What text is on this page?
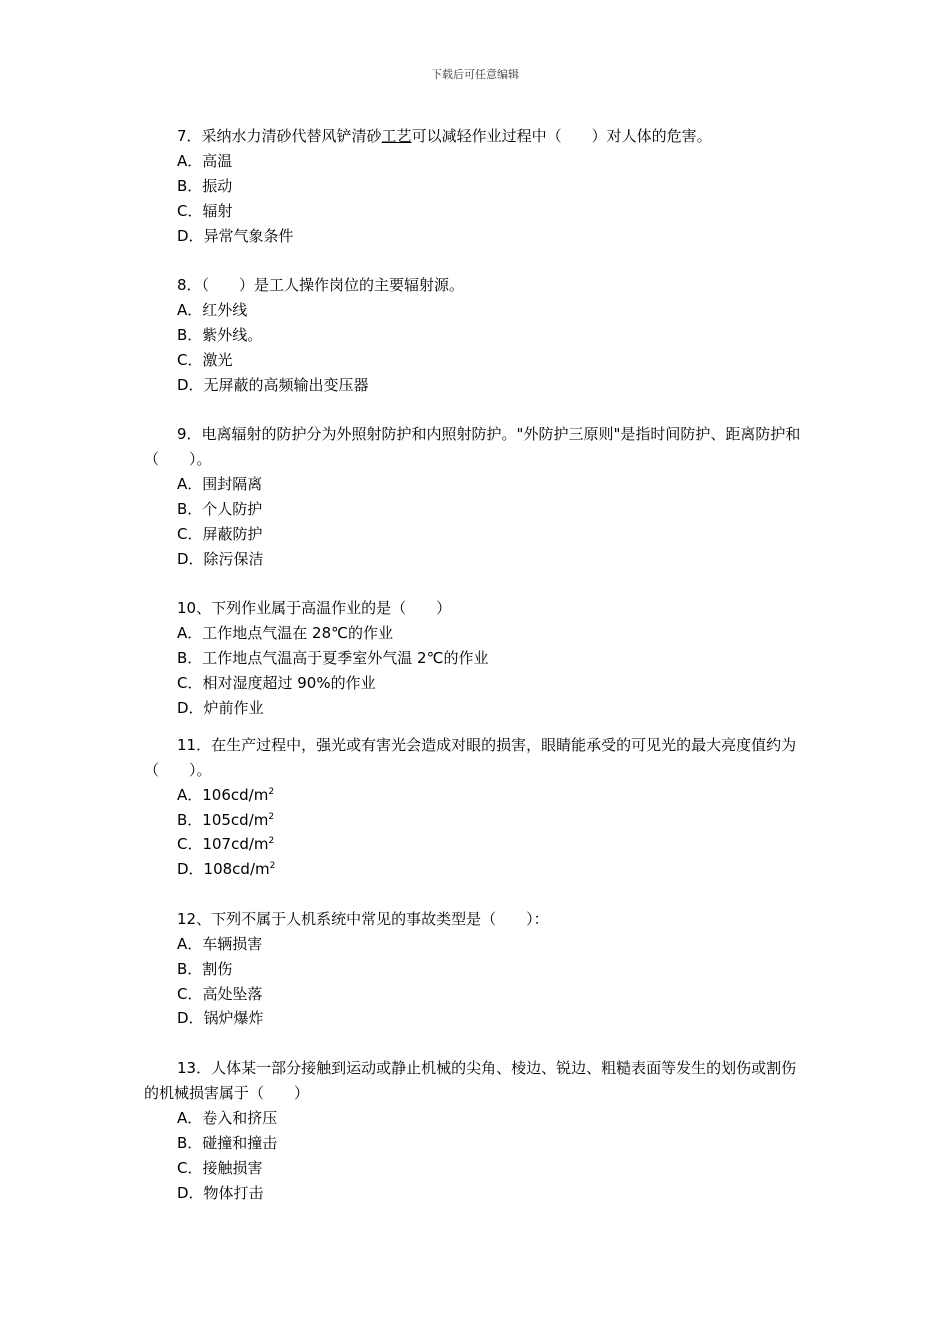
下载后可任意编辑

7．采纳水力清砂代替风铲清砂工艺可以减轻作业过程中（　　）对人体的危害。

A．高温
B．振动
C．辐射
D．异常气象条件

8．（　　）是工人操作岗位的主要辐射源。

A．红外线
B．紫外线。
C．激光
D．无屏蔽的高频输出变压器

9．电离辐射的防护分为外照射防护和内照射防护。"外防护三原则"是指时间防护、距离防护和（　　）。

A．围封隔离
B．个人防护
C．屏蔽防护
D．除污保洁

10、下列作业属于高温作业的是（　　）

A．工作地点气温在 28℃的作业
B．工作地点气温高于夏季室外气温 2℃的作业
C．相对湿度超过 90%的作业
D．炉前作业

11．在生产过程中，强光或有害光会造成对眼的损害，眼睛能承受的可见光的最大亮度值约为（　　）。

A．$106cd/m^2$
B．$105cd/m^2$
C．$107cd/m^2$
D．$108cd/m^2$

12、下列不属于人机系统中常见的事故类型是（　　）：

A．车辆损害
B．割伤
C．高处坠落
D．锅炉爆炸

13．人体某一部分接触到运动或静止机械的尖角、棱边、锐边、粗糙表面等发生的划伤或割伤的机械损害属于（　　）

A．卷入和挤压
B．碰撞和撞击
C．接触损害
D．物体打击
